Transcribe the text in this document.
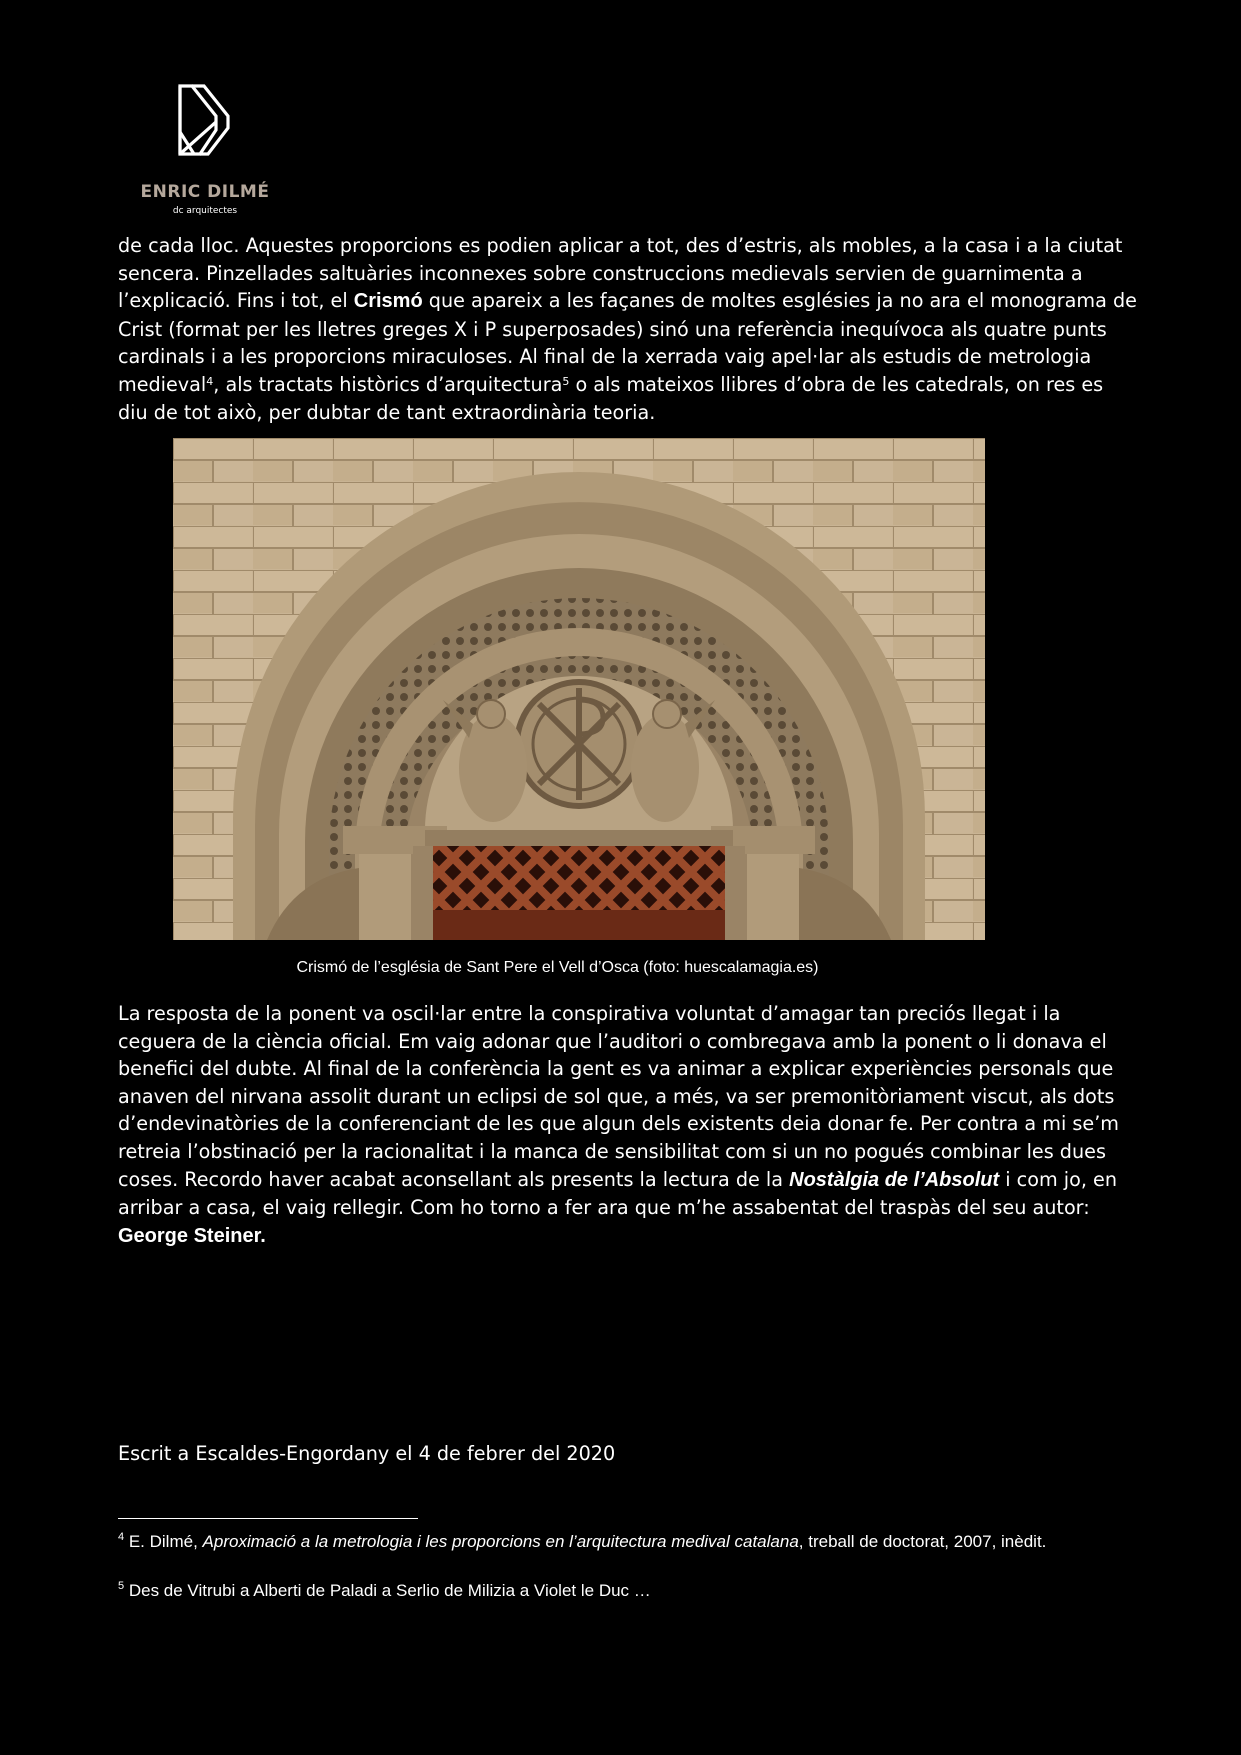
ENRIC DILMÉ
dc arquitectes

de cada lloc. Aquestes proporcions es podien aplicar a tot, des d’estris, als mobles, a la casa i a la ciutat sencera. Pinzellades saltuàries inconnexes sobre construccions medievals servien de guarnimenta a l’explicació. Fins i tot, el Crismó que apareix a les façanes de moltes esglésies ja no ara el monograma de Crist (format per les lletres greges X i P superposades) sinó una referència inequívoca als quatre punts cardinals i a les proporcions miraculoses. Al final de la xerrada vaig apel·lar als estudis de metrologia medieval$^4$, als tractats històrics d’arquitectura$^5$ o als mateixos llibres d’obra de les catedrals, on res es diu de tot això, per dubtar de tant extraordinària teoria.

Crismó de l’església de Sant Pere el Vell d’Osca (foto: huescalamagia.es)

La resposta de la ponent va oscil·lar entre la conspirativa voluntat d’amagar tan preciós llegat i la ceguera de la ciència oficial. Em vaig adonar que l’auditori o combregava amb la ponent o li donava el benefici del dubte. Al final de la conferència la gent es va animar a explicar experiències personals que anaven del nirvana assolit durant un eclipsi de sol que, a més, va ser premonitòriament viscut, als dots d’endevinatòries de la conferenciant de les que algun dels existents deia donar fe. Per contra a mi se’m retreia l’obstinació per la racionalitat i la manca de sensibilitat com si un no pogués combinar les dues coses. Recordo haver acabat aconsellant als presents la lectura de la Nostàlgia de l’Absolut i com jo, en arribar a casa, el vaig rellegir. Com ho torno a fer ara que m’he assabentat del traspàs del seu autor: George Steiner.

Escrit a Escaldes-Engordany el 4 de febrer del 2020
$^4$ E. Dilmé, Aproximació a la metrologia i les proporcions en l’arquitectura medival catalana, treball de doctorat, 2007, inèdit.
$^5$ Des de Vitrubi a Alberti de Paladi a Serlio de Milizia a Violet le Duc …
